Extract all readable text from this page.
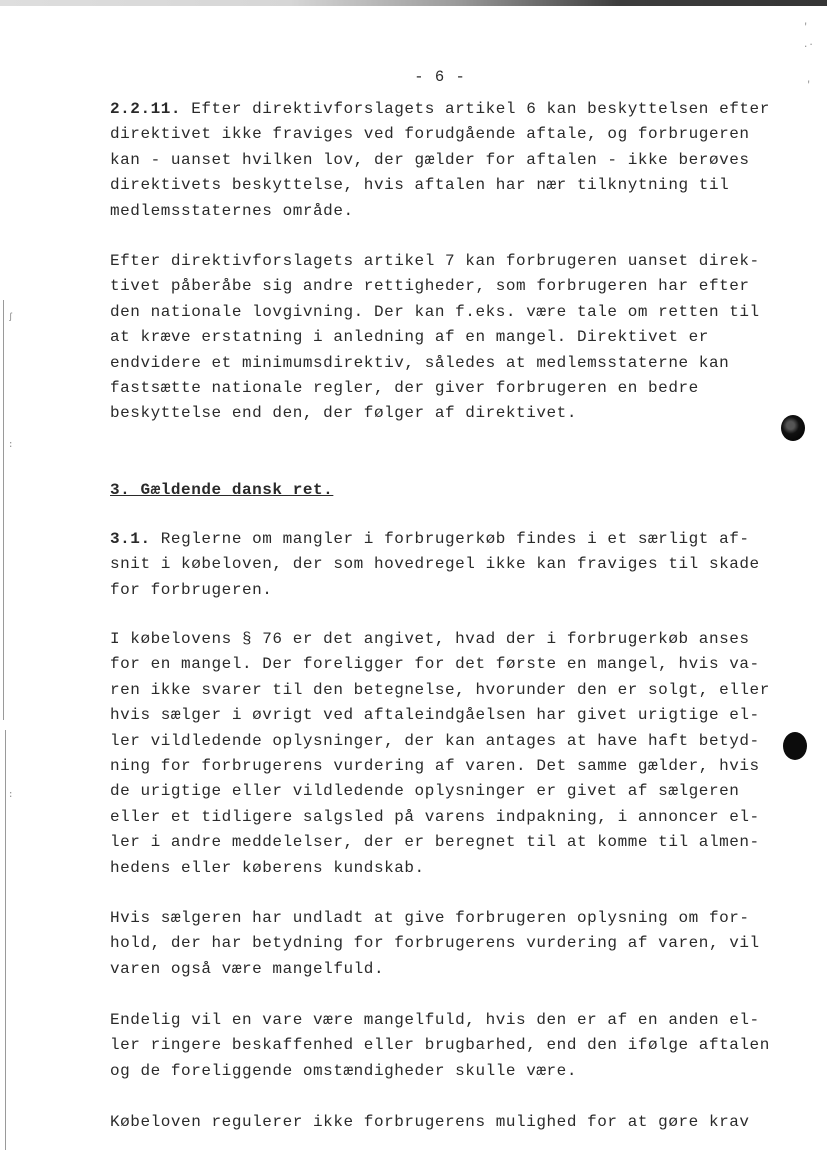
- 6 -

2.2.11. Efter direktivforslagets artikel 6 kan beskyttelsen efter
direktivet ikke fraviges ved forudgående aftale, og forbrugeren
kan - uanset hvilken lov, der gælder for aftalen - ikke berøves
direktivets beskyttelse, hvis aftalen har nær tilknytning til
medlemsstaternes område.

Efter direktivforslagets artikel 7 kan forbrugeren uanset direk-
tivet påberåbe sig andre rettigheder, som forbrugeren har efter
den nationale lovgivning. Der kan f.eks. være tale om retten til
at kræve erstatning i anledning af en mangel. Direktivet er
endvidere et minimumsdirektiv, således at medlemsstaterne kan
fastsætte nationale regler, der giver forbrugeren en bedre
beskyttelse end den, der følger af direktivet.

3. Gældende dansk ret.

3.1. Reglerne om mangler i forbrugerkøb findes i et særligt af-
snit i købeloven, der som hovedregel ikke kan fraviges til skade
for forbrugeren.

I købelovens § 76 er det angivet, hvad der i forbrugerkøb anses
for en mangel. Der foreligger for det første en mangel, hvis va-
ren ikke svarer til den betegnelse, hvorunder den er solgt, eller
hvis sælger i øvrigt ved aftaleindgåelsen har givet urigtige el-
ler vildledende oplysninger, der kan antages at have haft betyd-
ning for forbrugerens vurdering af varen. Det samme gælder, hvis
de urigtige eller vildledende oplysninger er givet af sælgeren
eller et tidligere salgsled på varens indpakning, i annoncer el-
ler i andre meddelelser, der er beregnet til at komme til almen-
hedens eller køberens kundskab.

Hvis sælgeren har undladt at give forbrugeren oplysning om for-
hold, der har betydning for forbrugerens vurdering af varen, vil
varen også være mangelfuld.

Endelig vil en vare være mangelfuld, hvis den er af en anden el-
ler ringere beskaffenhed eller brugbarhed, end den ifølge aftalen
og de foreliggende omstændigheder skulle være.

Købeloven regulerer ikke forbrugerens mulighed for at gøre krav

'
.·
'
ʃ
:
:
